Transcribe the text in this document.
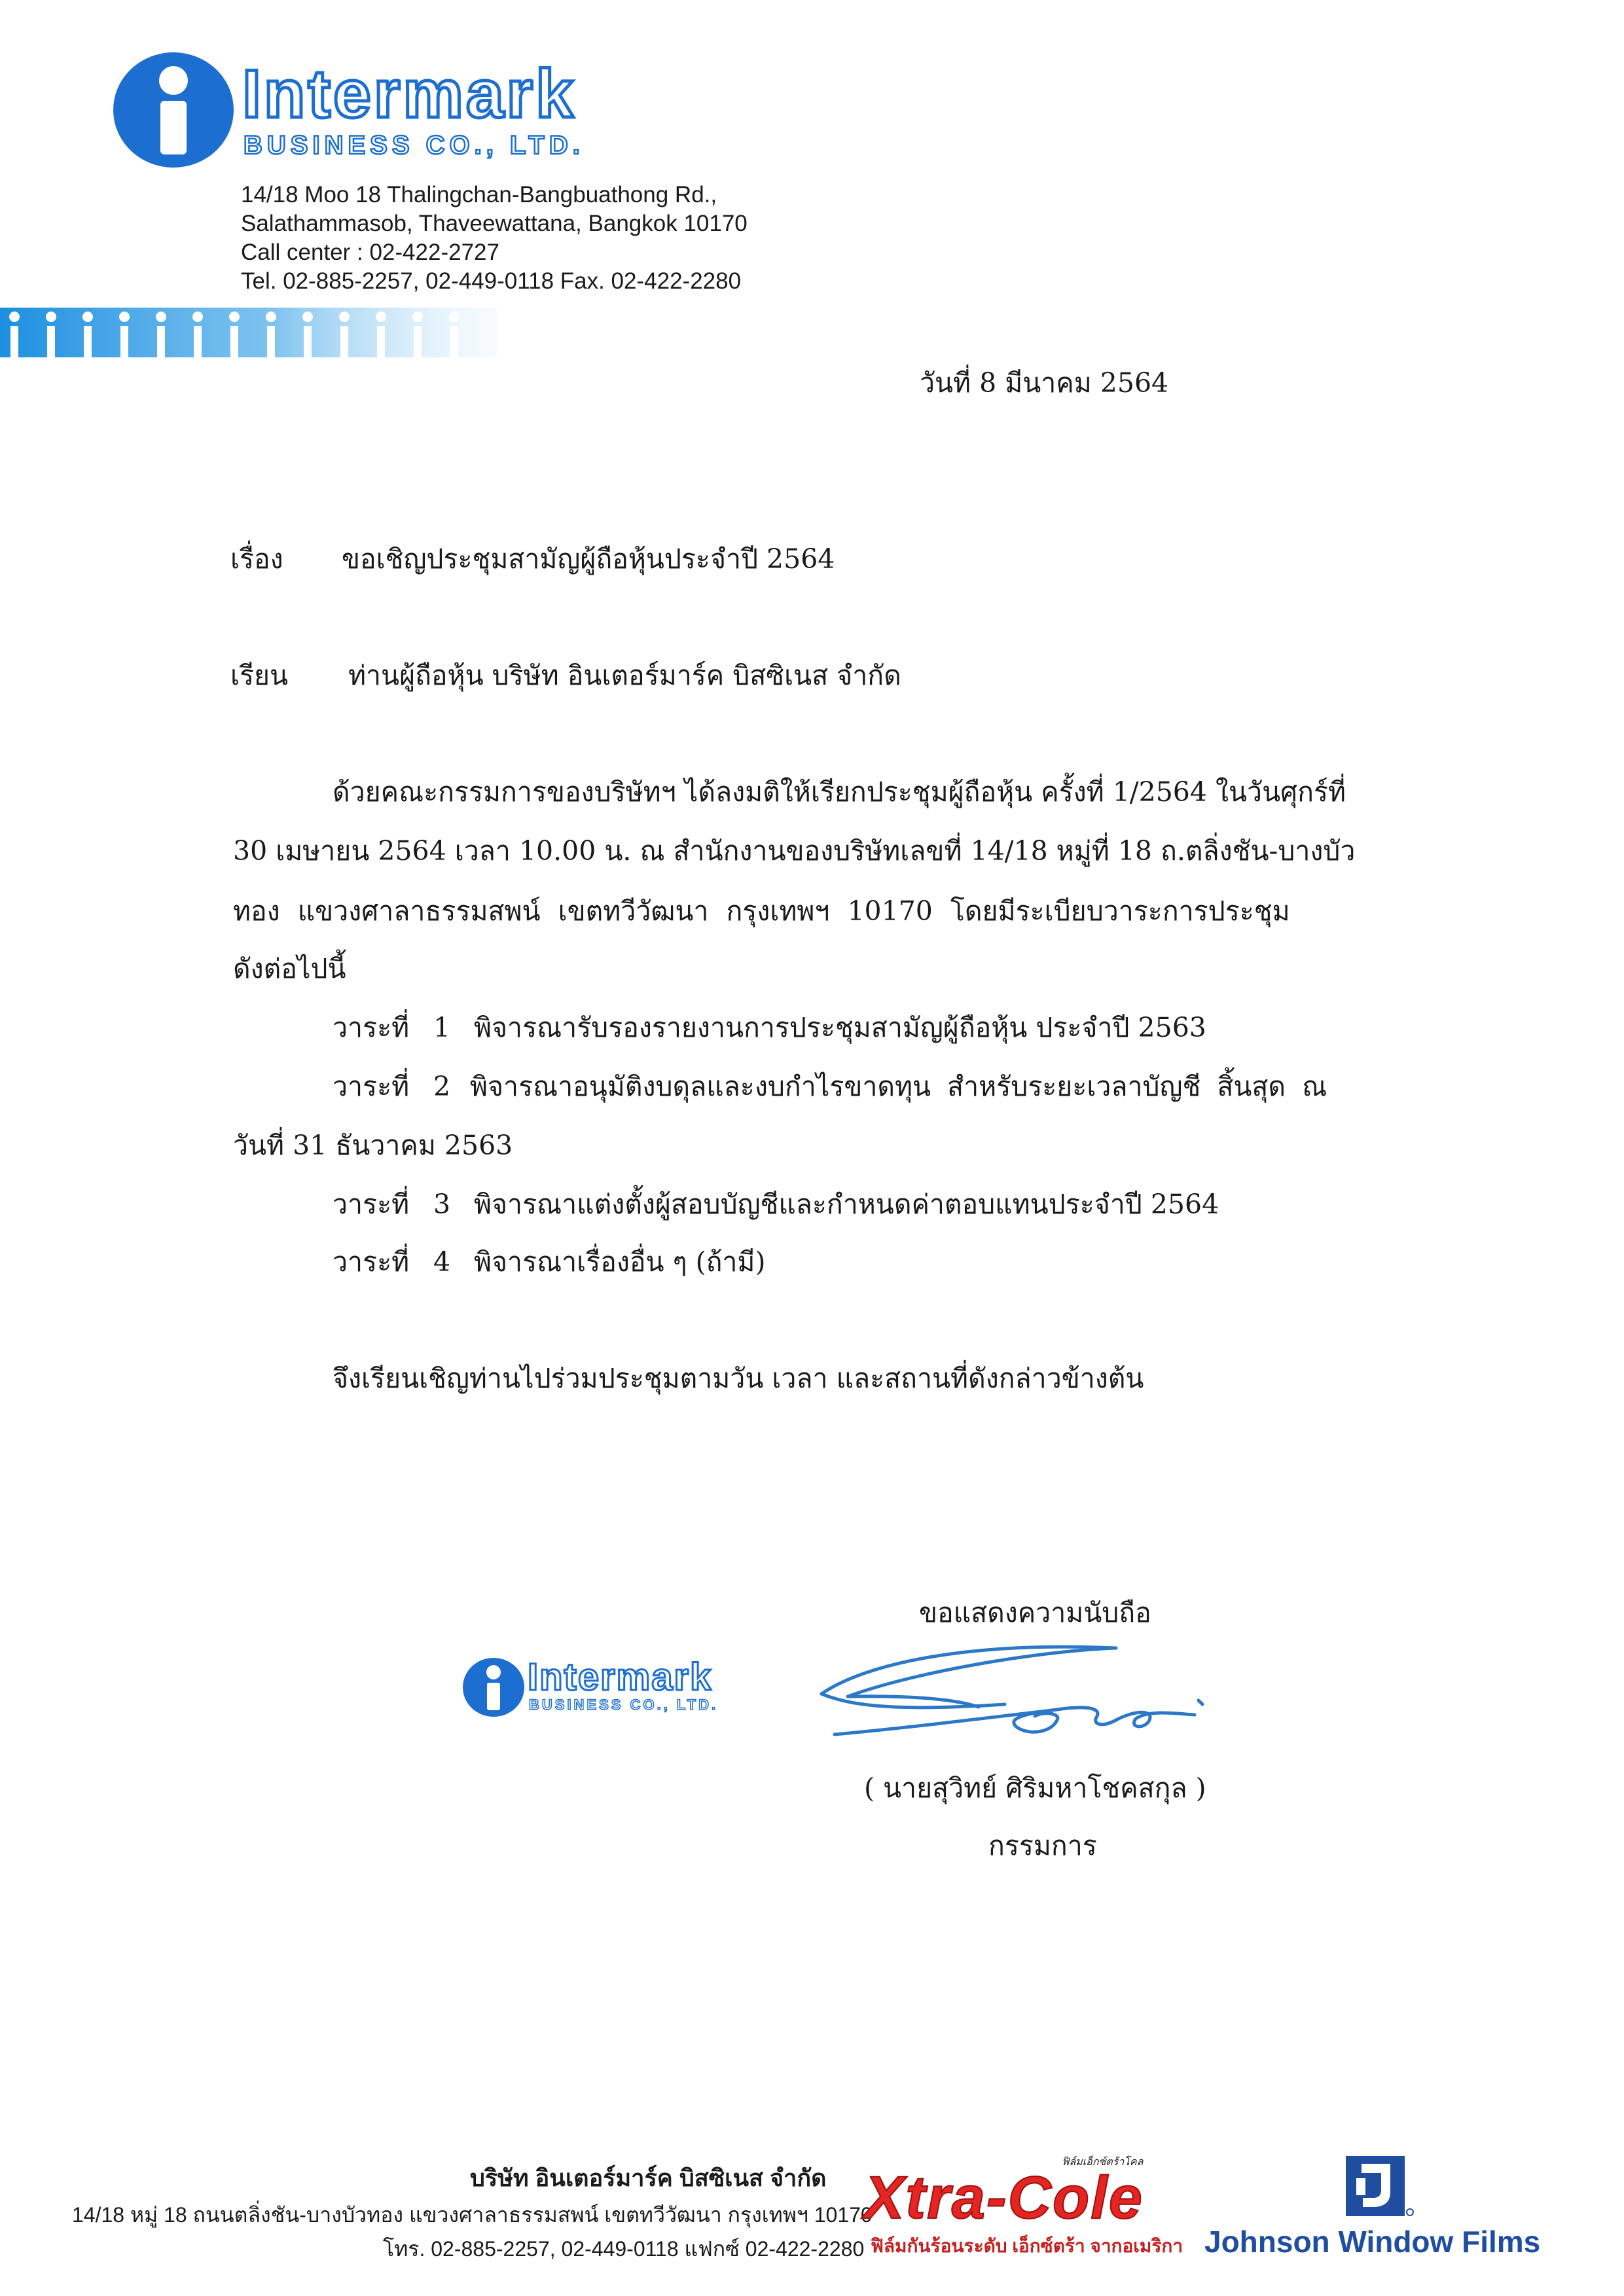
Intermark
BUSINESS CO., LTD.
14/18 Moo 18 Thalingchan-Bangbuathong Rd.,
Salathammasob, Thaveewattana, Bangkok 10170
Call center : 02-422-2727
Tel. 02-885-2257, 02-449-0118 Fax. 02-422-2280
วันที่ 8 มีนาคม 2564
เรื่อง ขอเชิญประชุมสามัญผู้ถือหุ้นประจำปี 2564
เรียน ท่านผู้ถือหุ้น บริษัท อินเตอร์มาร์ค บิสซิเนส จำกัด
ด้วยคณะกรรมการของบริษัทฯ ได้ลงมติให้เรียกประชุมผู้ถือหุ้น ครั้งที่ 1/2564 ในวันศุกร์ที่
30 เมษายน 2564 เวลา 10.00 น. ณ สำนักงานของบริษัทเลขที่ 14/18 หมู่ที่ 18 ถ.ตลิ่งชัน-บางบัว
ทอง แขวงศาลาธรรมสพน์ เขตทวีวัฒนา กรุงเทพฯ 10170 โดยมีระเบียบวาระการประชุม
ดังต่อไปนี้
วาระที่ 1 พิจารณารับรองรายงานการประชุมสามัญผู้ถือหุ้น ประจำปี 2563
วาระที่ 2 พิจารณาอนุมัติงบดุลและงบกำไรขาดทุน สำหรับระยะเวลาบัญชี สิ้นสุด ณ
วันที่ 31 ธันวาคม 2563
วาระที่ 3 พิจารณาแต่งตั้งผู้สอบบัญชีและกำหนดค่าตอบแทนประจำปี 2564
วาระที่ 4 พิจารณาเรื่องอื่น ๆ (ถ้ามี)
จึงเรียนเชิญท่านไปร่วมประชุมตามวัน เวลา และสถานที่ดังกล่าวข้างต้น
ขอแสดงความนับถือ
Intermark
BUSINESS CO., LTD.
( นายสุวิทย์ ศิริมหาโชคสกุล )
กรรมการ
บริษัท อินเตอร์มาร์ค บิสซิเนส จำกัด
14/18 หมู่ 18 ถนนตลิ่งชัน-บางบัวทอง แขวงศาลาธรรมสพน์ เขตทวีวัฒนา กรุงเทพฯ 10170
โทร. 02-885-2257, 02-449-0118 แฟกซ์ 02-422-2280
ฟิล์มเอ็กซ์ตร้าโคล
Xtra-Cole
ฟิล์มกันร้อนระดับ เอ็กซ์ตร้า จากอเมริกา Johnson Window Films
